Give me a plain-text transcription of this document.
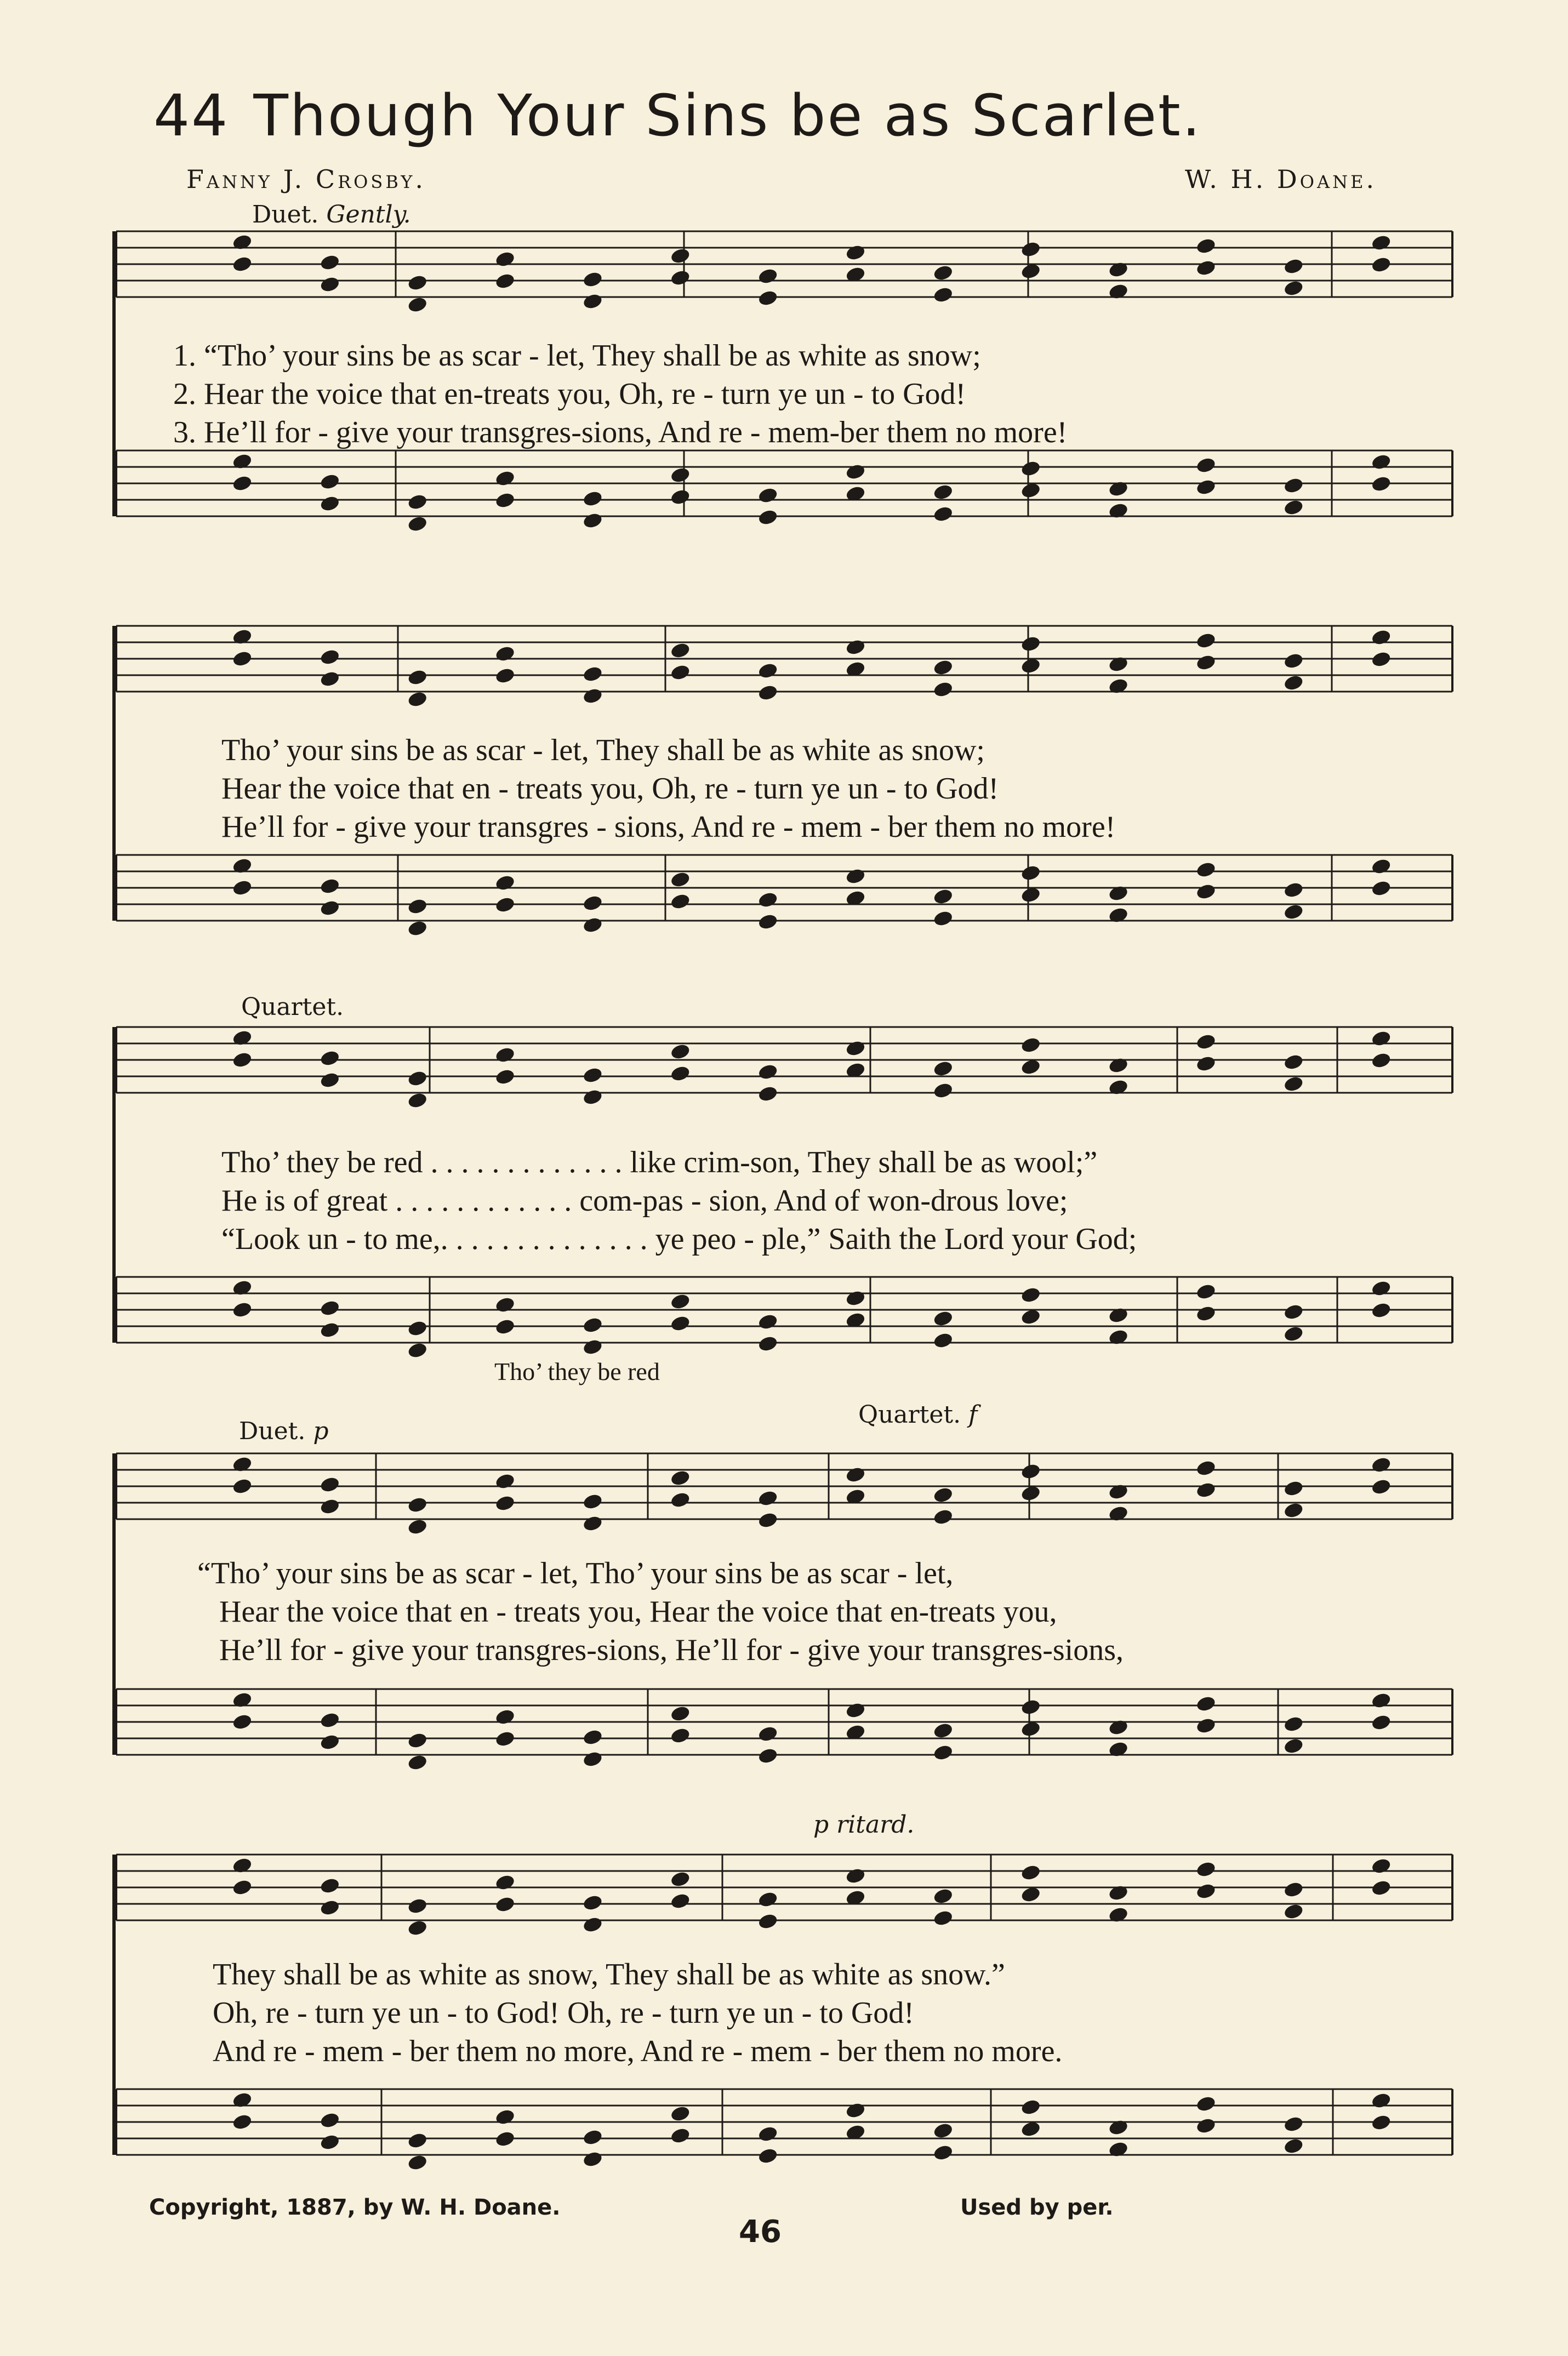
44 Though Your Sins be as Scarlet.
Fanny J. Crosby.	W. H. Doane.
Duet. Gently.
Quartet.
Duet. p
Quartet. f
p ritard.
1. “Tho’ your sins be as scar - let, They shall be as white as snow;
2. Hear the voice that en-treats you, Oh, re - turn ye un - to God!
3. He’ll for - give your transgres-sions, And re - mem-ber them no more!
Tho’ your sins be as scar - let, They shall be as white as snow;
Hear the voice that en - treats you, Oh, re - turn ye un - to God!
He’ll for - give your transgres - sions, And re - mem - ber them no more!
Tho’ they be red . . . . . . . . . . . . . like crim-son, They shall be as wool;”
He is of great . . . . . . . . . . . . com-pas - sion, And of won-drous love;
“Look un - to me,. . . . . . . . . . . . . . ye peo - ple,” Saith the Lord your God;
Tho’ they be red
“Tho’ your sins be as scar - let, Tho’ your sins be as scar - let,
Hear the voice that en - treats you, Hear the voice that en-treats you,
He’ll for - give your transgres-sions, He’ll for - give your transgres-sions,
They shall be as white as snow, They shall be as white as snow.”
Oh, re - turn ye un - to God! Oh, re - turn ye un - to God!
And re - mem - ber them no more, And re - mem - ber them no more.
Copyright, 1887, by W. H. Doane.	Used by per.
46
